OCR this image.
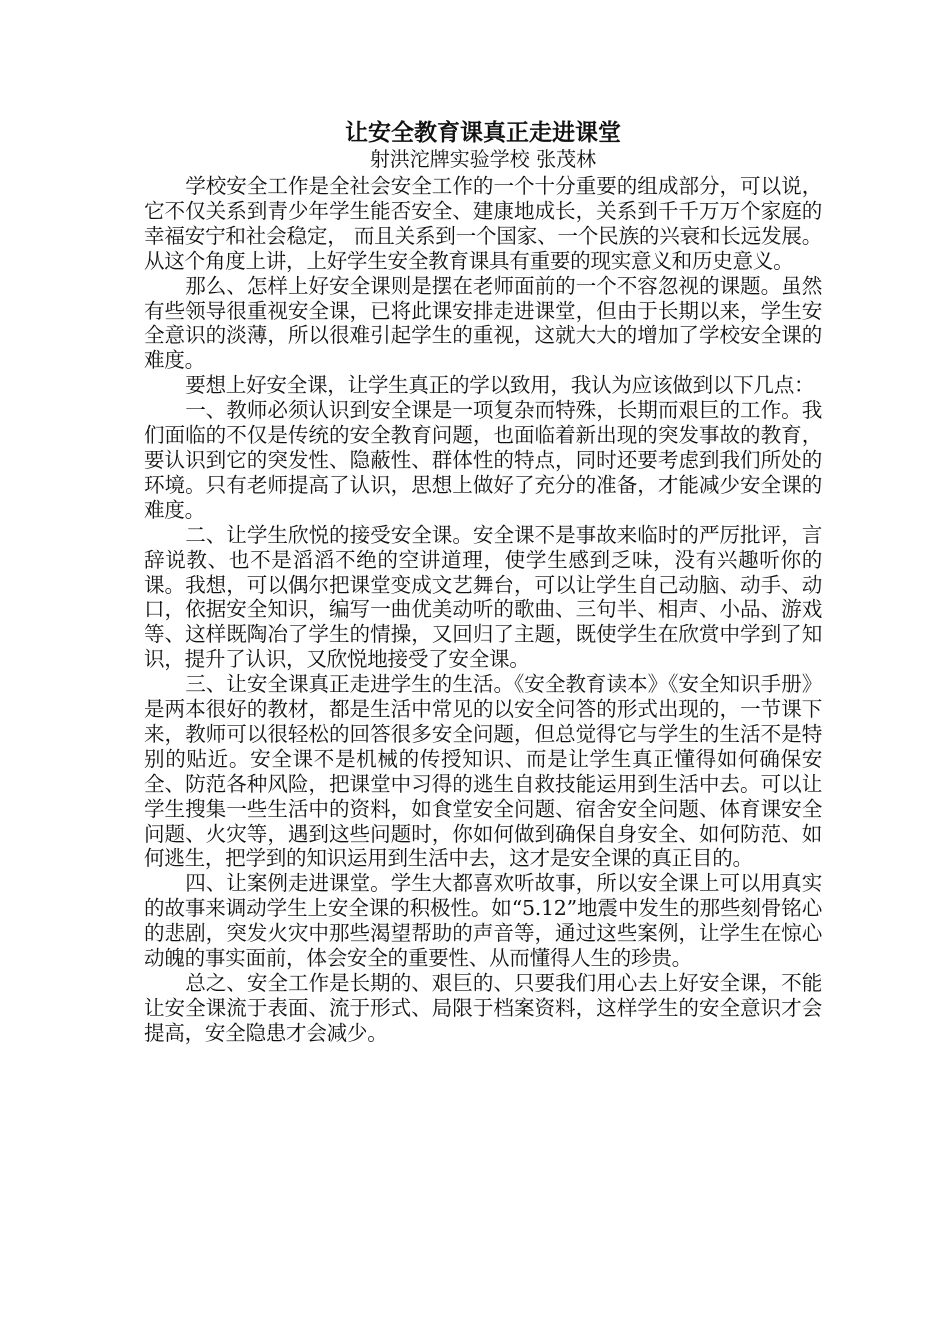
让安全教育课真正走进课堂

射洪沱牌实验学校 张茂林

学校安全工作是全社会安全工作的一个十分重要的组成部分，可以说，它不仅关系到青少年学生能否安全、建康地成长，关系到千千万万个家庭的幸福安宁和社会稳定， 而且关系到一个国家、一个民族的兴衰和长远发展。从这个角度上讲，上好学生安全教育课具有重要的现实意义和历史意义。

那么、怎样上好安全课则是摆在老师面前的一个不容忽视的课题。虽然有些领导很重视安全课，已将此课安排走进课堂，但由于长期以来，学生安全意识的淡薄，所以很难引起学生的重视，这就大大的增加了学校安全课的难度。

要想上好安全课，让学生真正的学以致用，我认为应该做到以下几点：

一、教师必须认识到安全课是一项复杂而特殊，长期而艰巨的工作。我们面临的不仅是传统的安全教育问题，也面临着新出现的突发事故的教育，要认识到它的突发性、隐蔽性、群体性的特点，同时还要考虑到我们所处的环境。只有老师提高了认识，思想上做好了充分的准备，才能减少安全课的难度。

二、让学生欣悦的接受安全课。安全课不是事故来临时的严厉批评，言辞说教、也不是滔滔不绝的空讲道理，使学生感到乏味，没有兴趣听你的课。我想，可以偶尔把课堂变成文艺舞台，可以让学生自己动脑、动手、动口，依据安全知识，编写一曲优美动听的歌曲、三句半、相声、小品、游戏等、这样既陶冶了学生的情操，又回归了主题，既使学生在欣赏中学到了知识，提升了认识，又欣悦地接受了安全课。

三、让安全课真正走进学生的生活。《安全教育读本》《安全知识手册》是两本很好的教材，都是生活中常见的以安全问答的形式出现的，一节课下来，教师可以很轻松的回答很多安全问题，但总觉得它与学生的生活不是特别的贴近。安全课不是机械的传授知识、而是让学生真正懂得如何确保安全、防范各种风险，把课堂中习得的逃生自救技能运用到生活中去。可以让学生搜集一些生活中的资料，如食堂安全问题、宿舍安全问题、体育课安全问题、火灾等，遇到这些问题时，你如何做到确保自身安全、如何防范、如何逃生，把学到的知识运用到生活中去，这才是安全课的真正目的。

四、让案例走进课堂。学生大都喜欢听故事，所以安全课上可以用真实的故事来调动学生上安全课的积极性。如“5.12”地震中发生的那些刻骨铭心的悲剧，突发火灾中那些渴望帮助的声音等，通过这些案例，让学生在惊心动魄的事实面前，体会安全的重要性、从而懂得人生的珍贵。

总之、安全工作是长期的、艰巨的、只要我们用心去上好安全课，不能让安全课流于表面、流于形式、局限于档案资料，这样学生的安全意识才会提高，安全隐患才会减少。
